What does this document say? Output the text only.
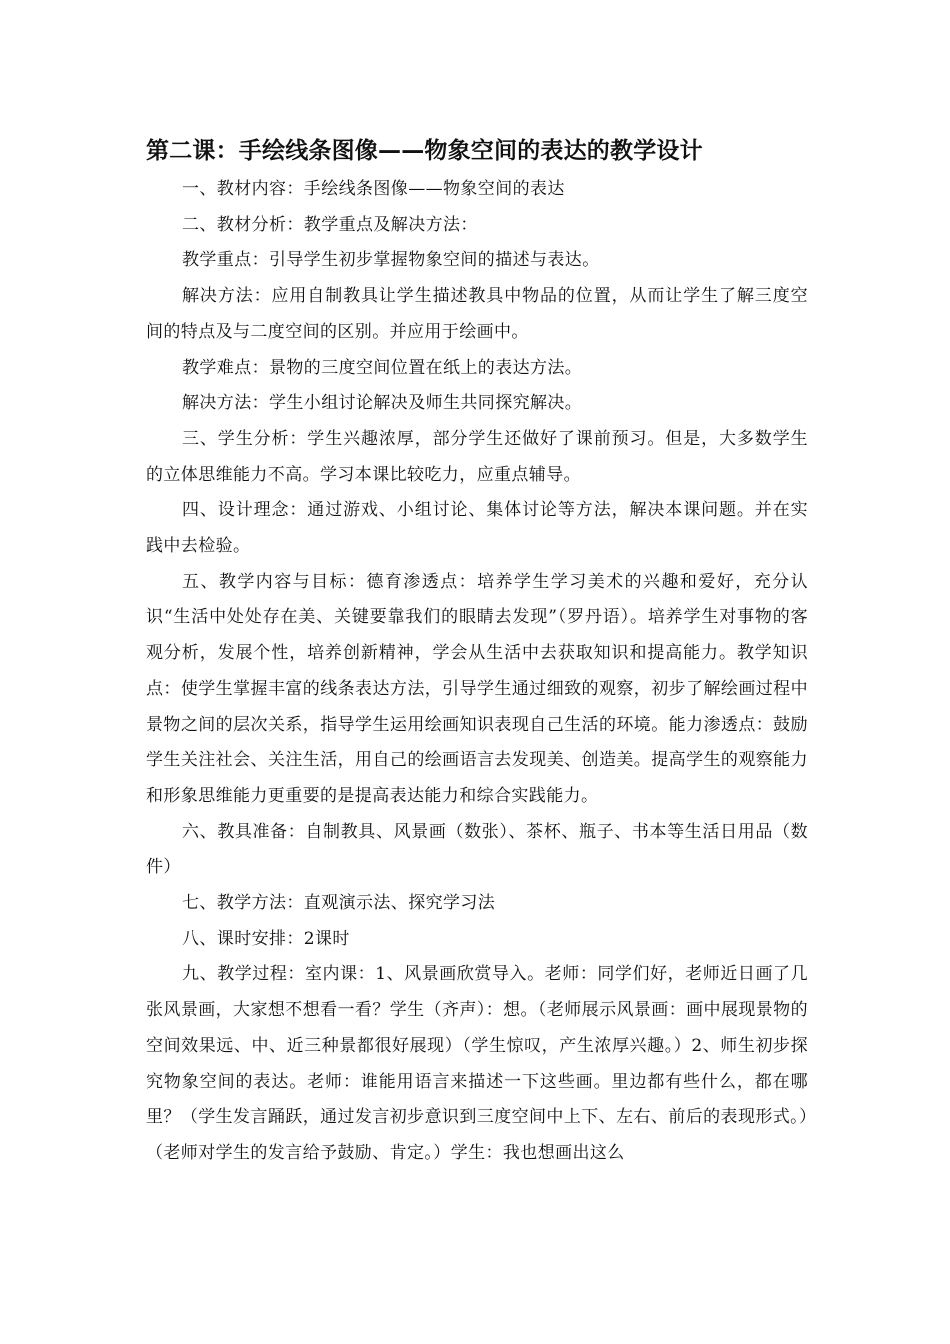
第二课：手绘线条图像——物象空间的表达的教学设计

一、教材内容：手绘线条图像——物象空间的表达

二、教材分析：教学重点及解决方法：

教学重点：引导学生初步掌握物象空间的描述与表达。

解决方法：应用自制教具让学生描述教具中物品的位置，从而让学生了解三度空间的特点及与二度空间的区别。并应用于绘画中。

教学难点：景物的三度空间位置在纸上的表达方法。

解决方法：学生小组讨论解决及师生共同探究解决。

三、学生分析：学生兴趣浓厚，部分学生还做好了课前预习。但是，大多数学生的立体思维能力不高。学习本课比较吃力，应重点辅导。

四、设计理念：通过游戏、小组讨论、集体讨论等方法，解决本课问题。并在实践中去检验。

五、教学内容与目标：德育渗透点：培养学生学习美术的兴趣和爱好，充分认识“生活中处处存在美、关键要靠我们的眼睛去发现”（罗丹语）。培养学生对事物的客观分析，发展个性，培养创新精神，学会从生活中去获取知识和提高能力。教学知识点：使学生掌握丰富的线条表达方法，引导学生通过细致的观察，初步了解绘画过程中景物之间的层次关系，指导学生运用绘画知识表现自己生活的环境。能力渗透点：鼓励学生关注社会、关注生活，用自己的绘画语言去发现美、创造美。提高学生的观察能力和形象思维能力更重要的是提高表达能力和综合实践能力。

六、教具准备：自制教具、风景画（数张）、茶杯、瓶子、书本等生活日用品（数件）

七、教学方法：直观演示法、探究学习法

八、课时安排：2课时

九、教学过程：室内课：1、风景画欣赏导入。老师：同学们好，老师近日画了几张风景画，大家想不想看一看？学生（齐声）：想。（老师展示风景画：画中展现景物的空间效果远、中、近三种景都很好展现）（学生惊叹，产生浓厚兴趣。）2、师生初步探究物象空间的表达。老师：谁能用语言来描述一下这些画。里边都有些什么，都在哪里？（学生发言踊跃，通过发言初步意识到三度空间中上下、左右、前后的表现形式。）（老师对学生的发言给予鼓励、肯定。）学生：我也想画出这么
